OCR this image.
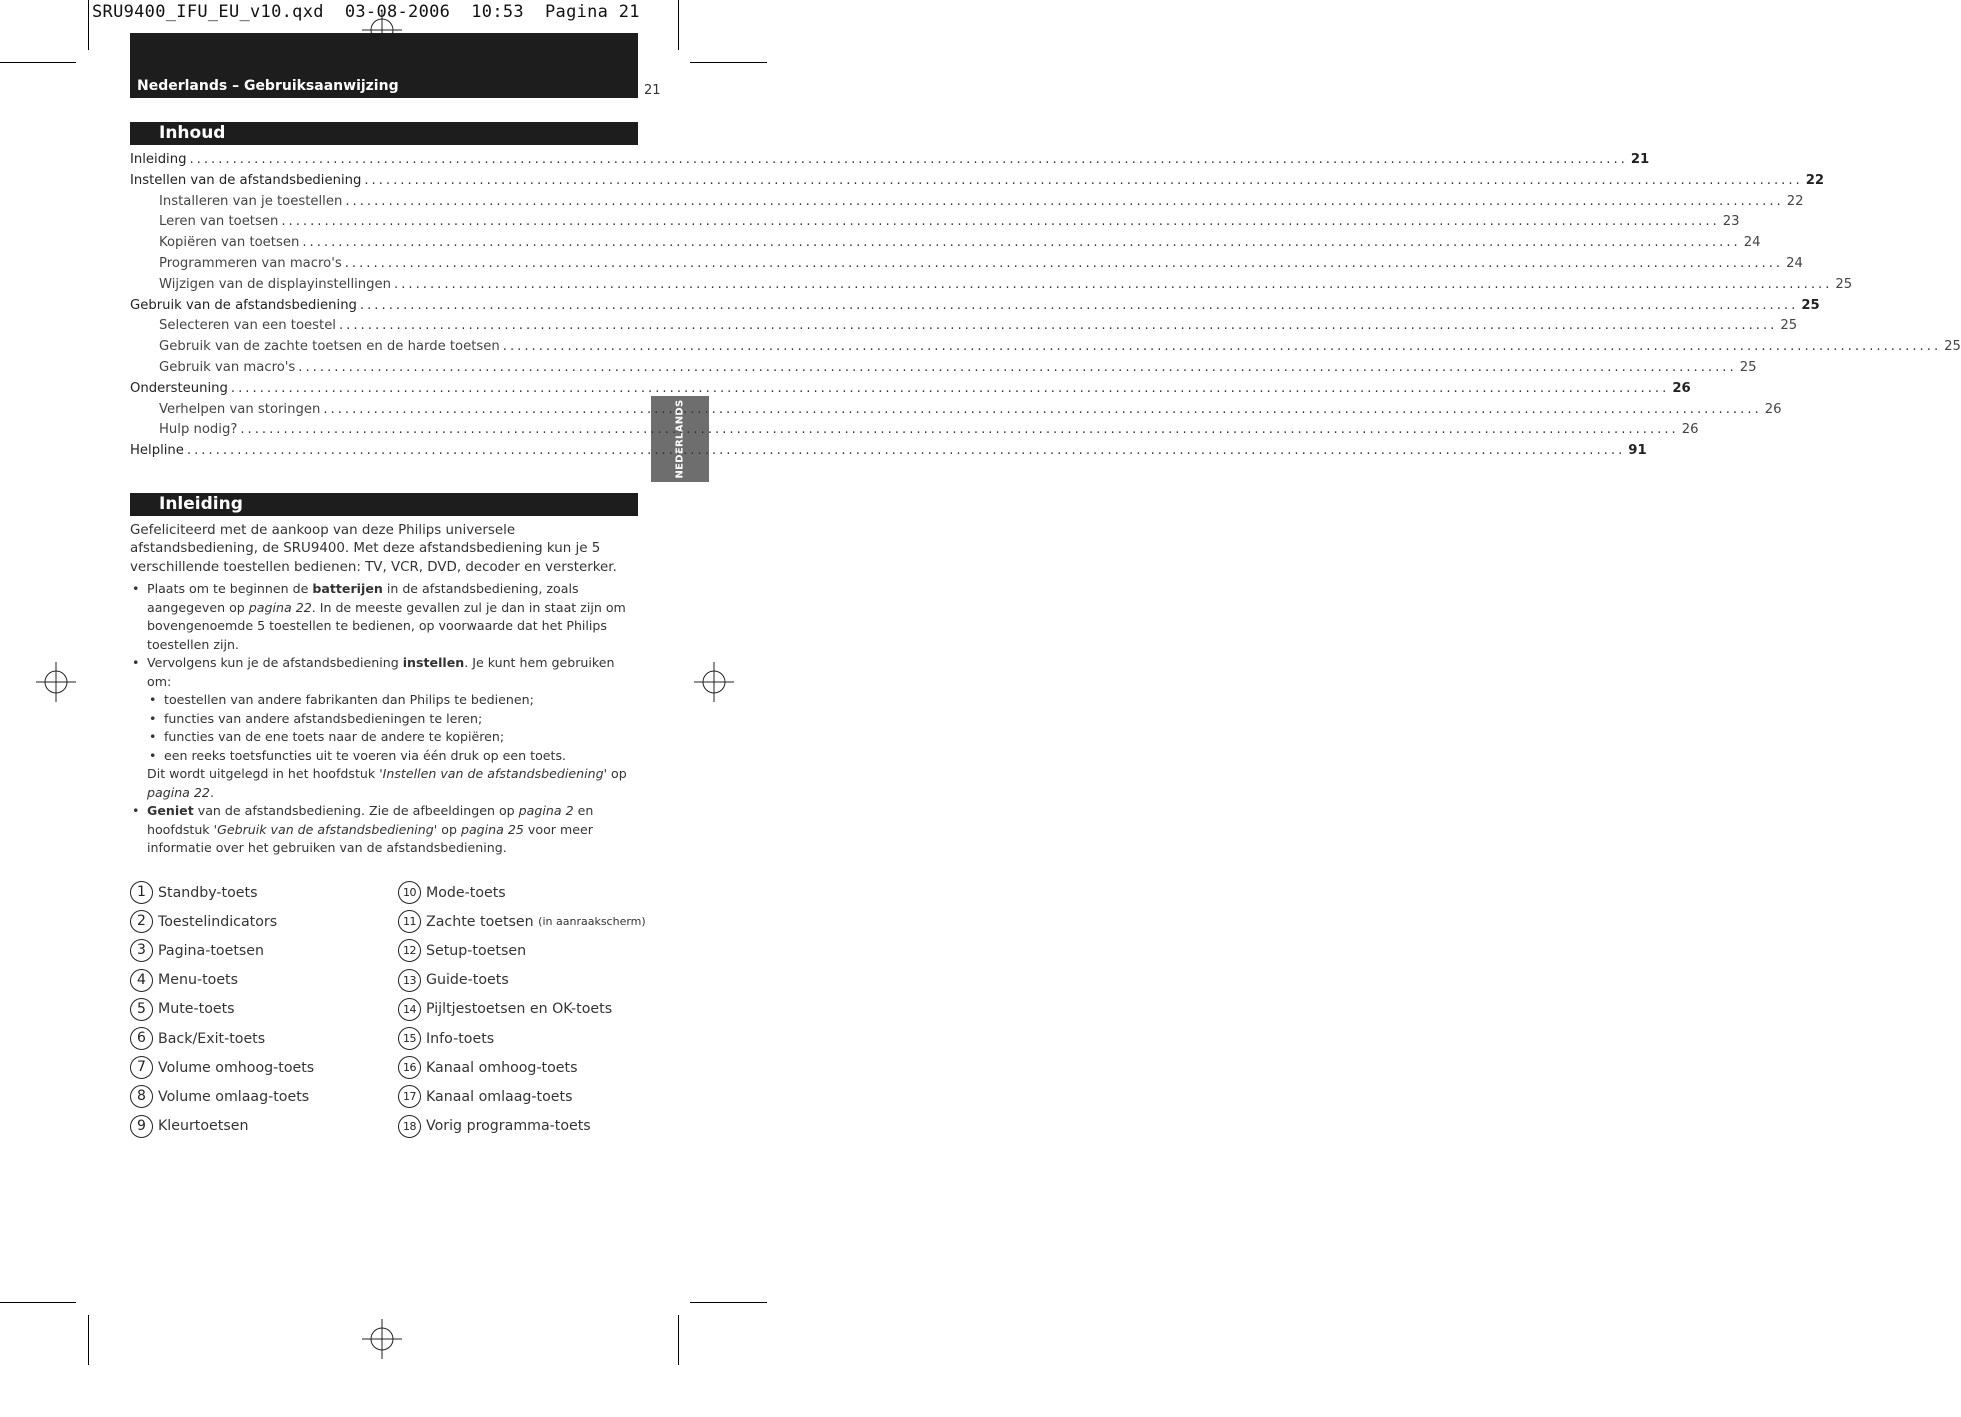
SRU9400_IFU_EU_v10.qxd  03-08-2006  10:53  Pagina 21
Nederlands – Gebruiksaanwijzing	21
NEDERLANDS
Inhoud
Inleiding ........................................................................................................................................................................................................ 21
Instellen van de afstandsbediening ........................................................................................................................................................................................................ 22
Installeren van je toestellen ........................................................................................................................................................................................................ 22
Leren van toetsen ........................................................................................................................................................................................................ 23
Kopiëren van toetsen ........................................................................................................................................................................................................ 24
Programmeren van macro's ........................................................................................................................................................................................................ 24
Wijzigen van de displayinstellingen ........................................................................................................................................................................................................ 25
Gebruik van de afstandsbediening ........................................................................................................................................................................................................ 25
Selecteren van een toestel ........................................................................................................................................................................................................ 25
Gebruik van de zachte toetsen en de harde toetsen ........................................................................................................................................................................................................ 25
Gebruik van macro's ........................................................................................................................................................................................................ 25
Ondersteuning ........................................................................................................................................................................................................ 26
Verhelpen van storingen ........................................................................................................................................................................................................ 26
Hulp nodig? ........................................................................................................................................................................................................ 26
Helpline ........................................................................................................................................................................................................ 91
Inleiding
Gefeliciteerd met de aankoop van deze Philips universele afstandsbediening, de SRU9400. Met deze afstandsbediening kun je 5 verschillende toestellen bedienen: TV, VCR, DVD, decoder en versterker.
• Plaats om te beginnen de batterijen in de afstandsbediening, zoals aangegeven op pagina 22. In de meeste gevallen zul je dan in staat zijn om bovengenoemde 5 toestellen te bedienen, op voorwaarde dat het Philips toestellen zijn.
• Vervolgens kun je de afstandsbediening instellen. Je kunt hem gebruiken om:
• toestellen van andere fabrikanten dan Philips te bedienen;
• functies van andere afstandsbedieningen te leren;
• functies van de ene toets naar de andere te kopiëren;
• een reeks toetsfuncties uit te voeren via één druk op een toets.
Dit wordt uitgelegd in het hoofdstuk 'Instellen van de afstandsbediening' op pagina 22.
• Geniet van de afstandsbediening. Zie de afbeeldingen op pagina 2 en hoofdstuk 'Gebruik van de afstandsbediening' op pagina 25 voor meer informatie over het gebruiken van de afstandsbediening.
1 Standby-toets
2 Toestelindicators
3 Pagina-toetsen
4 Menu-toets
5 Mute-toets
6 Back/Exit-toets
7 Volume omhoog-toets
8 Volume omlaag-toets
9 Kleurtoetsen
10 Mode-toets
11 Zachte toetsen
(in aanraakscherm)
12 Setup-toetsen
13 Guide-toets
14 Pijltjestoetsen en OK-toets
15 Info-toets
16 Kanaal omhoog-toets
17 Kanaal omlaag-toets
18 Vorig programma-toets
